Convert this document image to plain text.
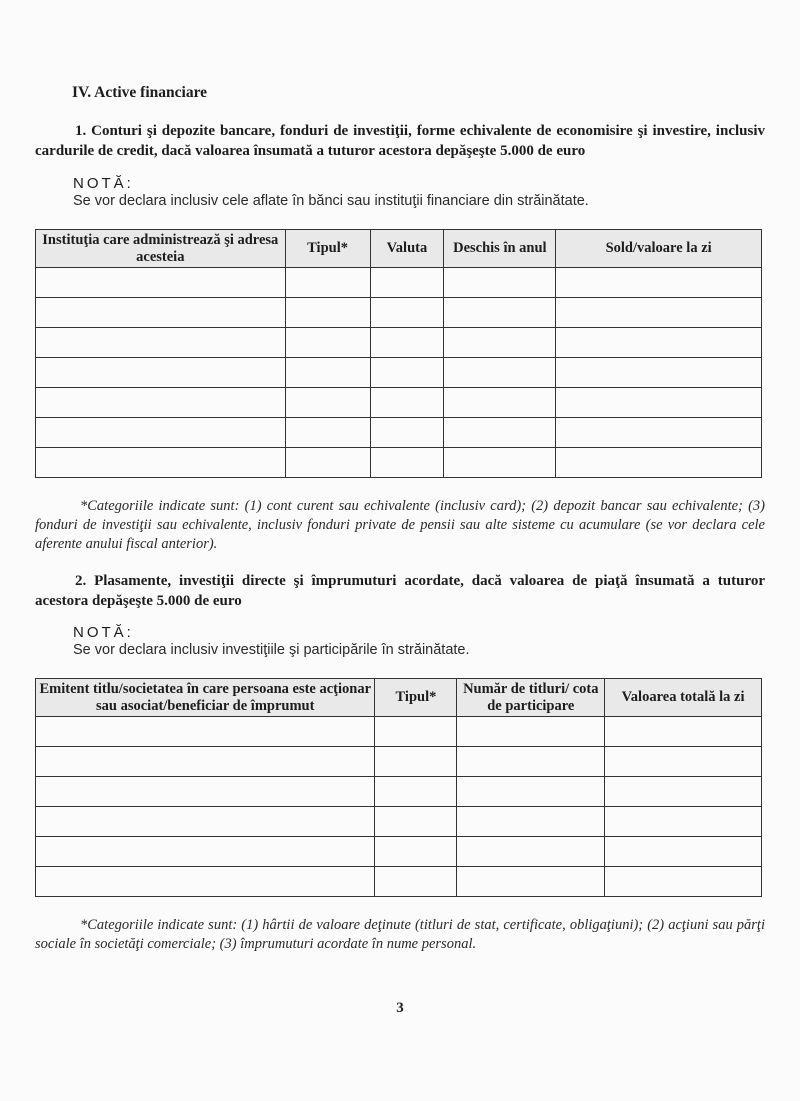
IV. Active financiare
1. Conturi şi depozite bancare, fonduri de investiţii, forme echivalente de economisire şi investire, inclusiv cardurile de credit, dacă valoarea însumată a tuturor acestora depăşeşte 5.000 de euro
NOTĂ:
Se vor declara inclusiv cele aflate în bănci sau instituţii financiare din străinătate.
Instituţia care administrează şi adresa acesteia	Tipul*	Valuta	Deschis în anul	Sold/valoare la zi

*Categoriile indicate sunt: (1) cont curent sau echivalente (inclusiv card); (2) depozit bancar sau echivalente; (3) fonduri de investiţii sau echivalente, inclusiv fonduri private de pensii sau alte sisteme cu acumulare (se vor declara cele aferente anului fiscal anterior).
2. Plasamente, investiţii directe şi împrumuturi acordate, dacă valoarea de piaţă însumată a tuturor acestora depăşeşte 5.000 de euro
NOTĂ:
Se vor declara inclusiv investiţiile şi participările în străinătate.
Emitent titlu/societatea în care persoana este acţionar sau asociat/beneficiar de împrumut	Tipul*	Număr de titluri/ cota de participare	Valoarea totală la zi

*Categoriile indicate sunt: (1) hârtii de valoare deţinute (titluri de stat, certificate, obligaţiuni); (2) acţiuni sau părţi sociale în societăţi comerciale; (3) împrumuturi acordate în nume personal.
3
